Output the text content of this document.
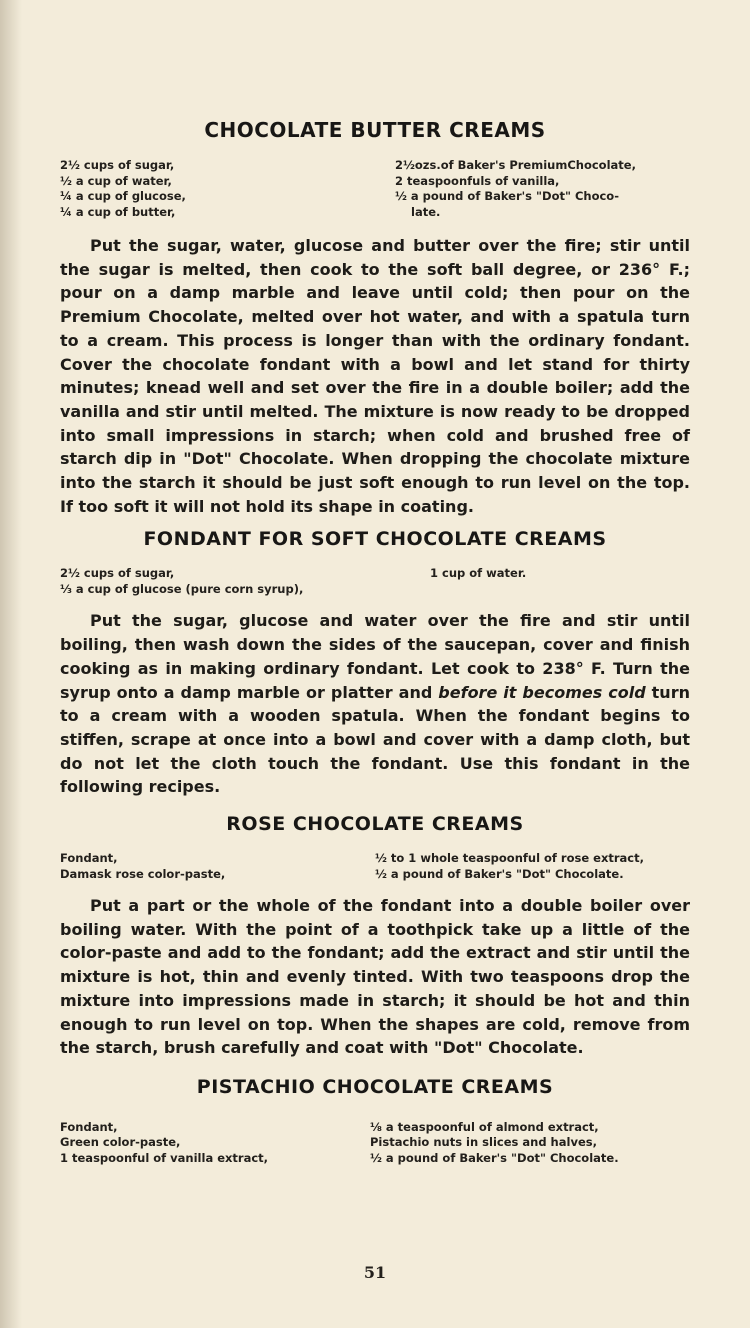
CHOCOLATE BUTTER CREAMS
2½ cups of sugar,
½ a cup of water,
¼ a cup of glucose,
¼ a cup of butter,
2½ozs.of Baker's PremiumChocolate,
2 teaspoonfuls of vanilla,
½ a pound of Baker's "Dot" Choco-
late.

Put the sugar, water, glucose and butter over the fire; stir until the sugar is melted, then cook to the soft ball degree, or 236° F.; pour on a damp marble and leave until cold; then pour on the Premium Chocolate, melted over hot water, and with a spatula turn to a cream. This process is longer than with the ordinary fondant. Cover the chocolate fondant with a bowl and let stand for thirty minutes; knead well and set over the fire in a double boiler; add the vanilla and stir until melted. The mixture is now ready to be dropped into small impressions in starch; when cold and brushed free of starch dip in "Dot" Chocolate. When dropping the chocolate mixture into the starch it should be just soft enough to run level on the top. If too soft it will not hold its shape in coating.

FONDANT FOR SOFT CHOCOLATE CREAMS
2½ cups of sugar,
⅓ a cup of glucose (pure corn syrup),
1 cup of water.

Put the sugar, glucose and water over the fire and stir until boiling, then wash down the sides of the saucepan, cover and finish cooking as in making ordinary fondant. Let cook to 238° F. Turn the syrup onto a damp marble or platter and before it becomes cold turn to a cream with a wooden spatula. When the fondant begins to stiffen, scrape at once into a bowl and cover with a damp cloth, but do not let the cloth touch the fondant. Use this fondant in the following recipes.

ROSE CHOCOLATE CREAMS
Fondant,
Damask rose color-paste,
½ to 1 whole teaspoonful of rose extract,
½ a pound of Baker's "Dot" Chocolate.

Put a part or the whole of the fondant into a double boiler over boiling water. With the point of a toothpick take up a little of the color-paste and add to the fondant; add the extract and stir until the mixture is hot, thin and evenly tinted. With two teaspoons drop the mixture into impressions made in starch; it should be hot and thin enough to run level on top. When the shapes are cold, remove from the starch, brush carefully and coat with "Dot" Chocolate.

PISTACHIO CHOCOLATE CREAMS
Fondant,
Green color-paste,
1 teaspoonful of vanilla extract,
⅛ a teaspoonful of almond extract,
Pistachio nuts in slices and halves,
½ a pound of Baker's "Dot" Chocolate.
51
